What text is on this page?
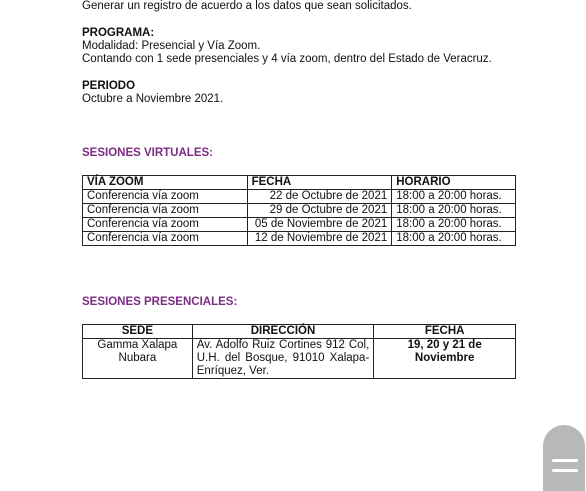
Generar un registro de acuerdo a los datos que sean solicitados.
PROGRAMA:
Modalidad: Presencial y Vía Zoom.
Contando con 1 sede presenciales y 4 vía zoom, dentro del Estado de Veracruz.
PERIODO
Octubre a Noviembre 2021.
SESIONES VIRTUALES:
VÍA ZOOM	FECHA	HORARIO
Conferencia vía zoom	22 de Octubre de 2021	18:00 a 20:00 horas.
Conferencia vía zoom	29 de Octubre de 2021	18:00 a 20:00 horas.
Conferencia vía zoom	05 de Noviembre de 2021	18:00 a 20:00 horas.
Conferencia vía zoom	12 de Noviembre de 2021	18:00 a 20:00 horas.
SESIONES PRESENCIALES:
SEDE	DIRECCIÓN	FECHA
Gamma Xalapa Nubara	Av. Adolfo Ruiz Cortines 912 Col, U.H. del Bosque, 91010 Xalapa-Enríquez, Ver.	19, 20 y 21 de Noviembre
